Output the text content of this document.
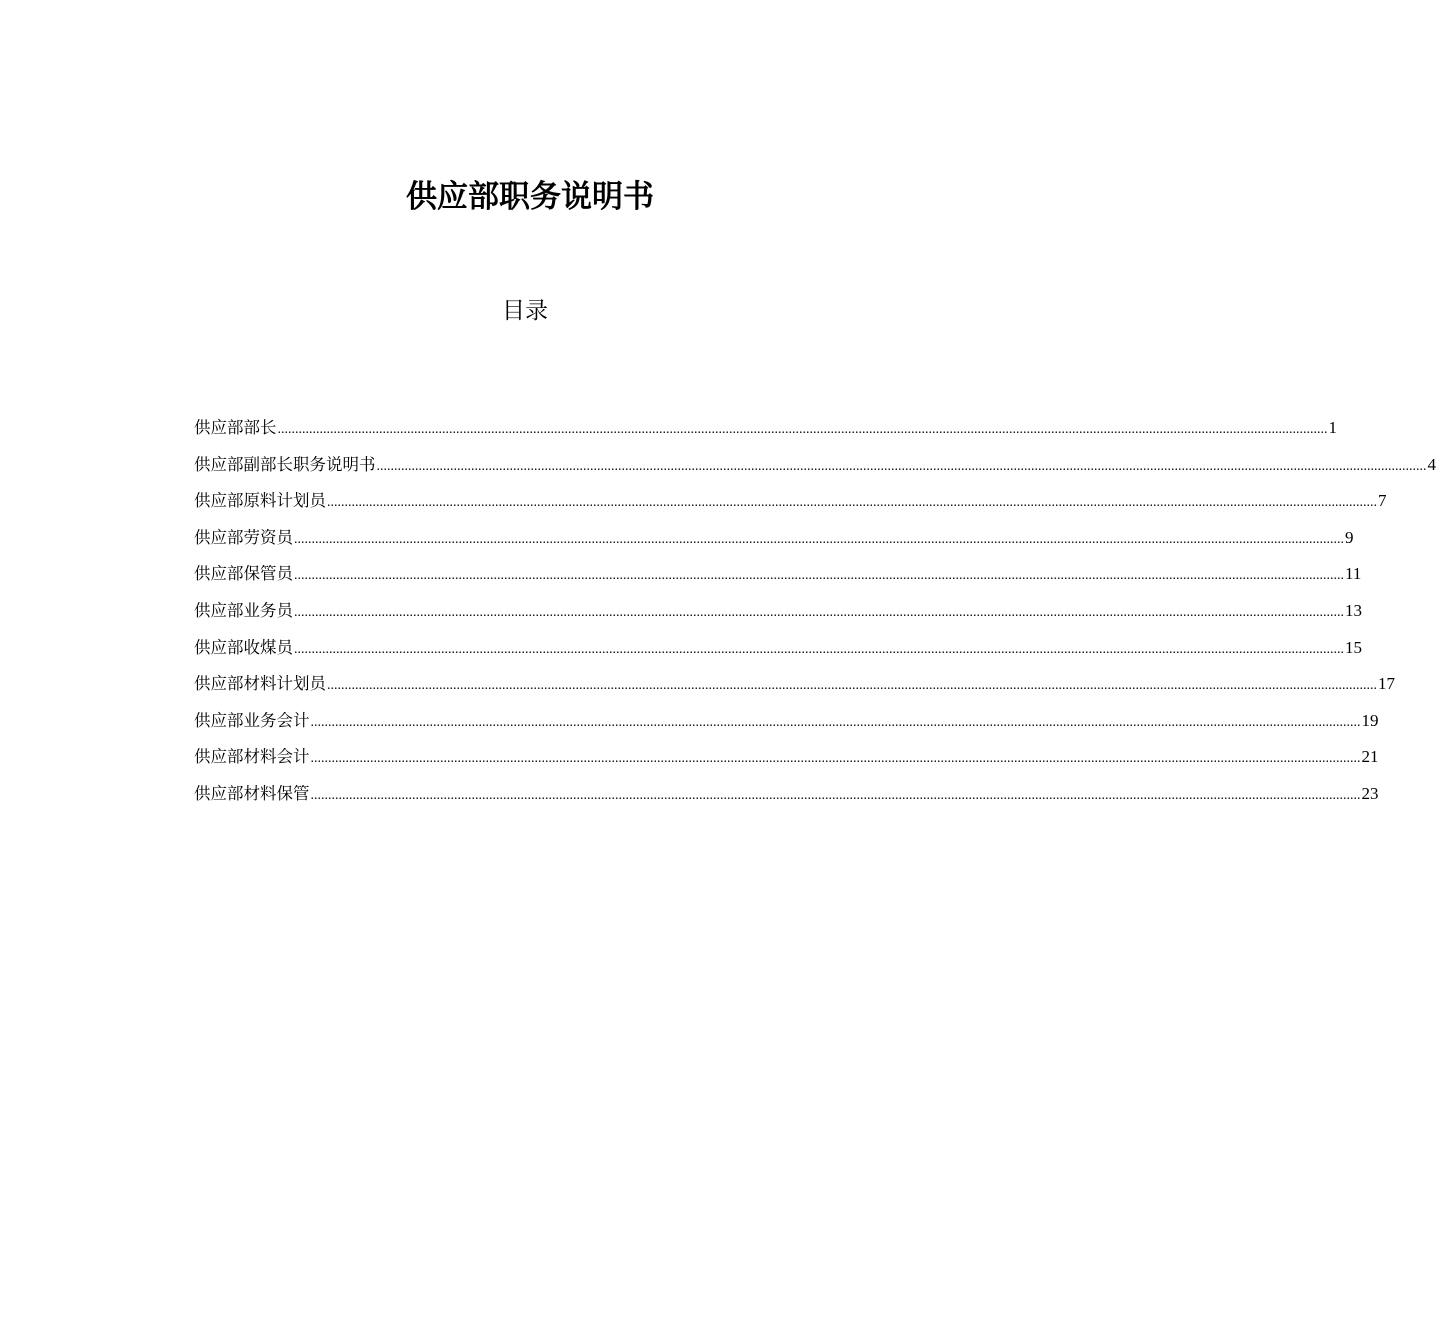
供应部职务说明书
目录
供应部部长 ............................................................................................................................................................................................................................................................................................................ 1
供应部副部长职务说明书 ............................................................................................................................................................................................................................................................................................................ 4
供应部原料计划员 ............................................................................................................................................................................................................................................................................................................ 7
供应部劳资员 ............................................................................................................................................................................................................................................................................................................ 9
供应部保管员 ............................................................................................................................................................................................................................................................................................................ 11
供应部业务员 ............................................................................................................................................................................................................................................................................................................ 13
供应部收煤员 ............................................................................................................................................................................................................................................................................................................ 15
供应部材料计划员 ............................................................................................................................................................................................................................................................................................................ 17
供应部业务会计 ............................................................................................................................................................................................................................................................................................................ 19
供应部材料会计 ............................................................................................................................................................................................................................................................................................................ 21
供应部材料保管 ............................................................................................................................................................................................................................................................................................................ 23
